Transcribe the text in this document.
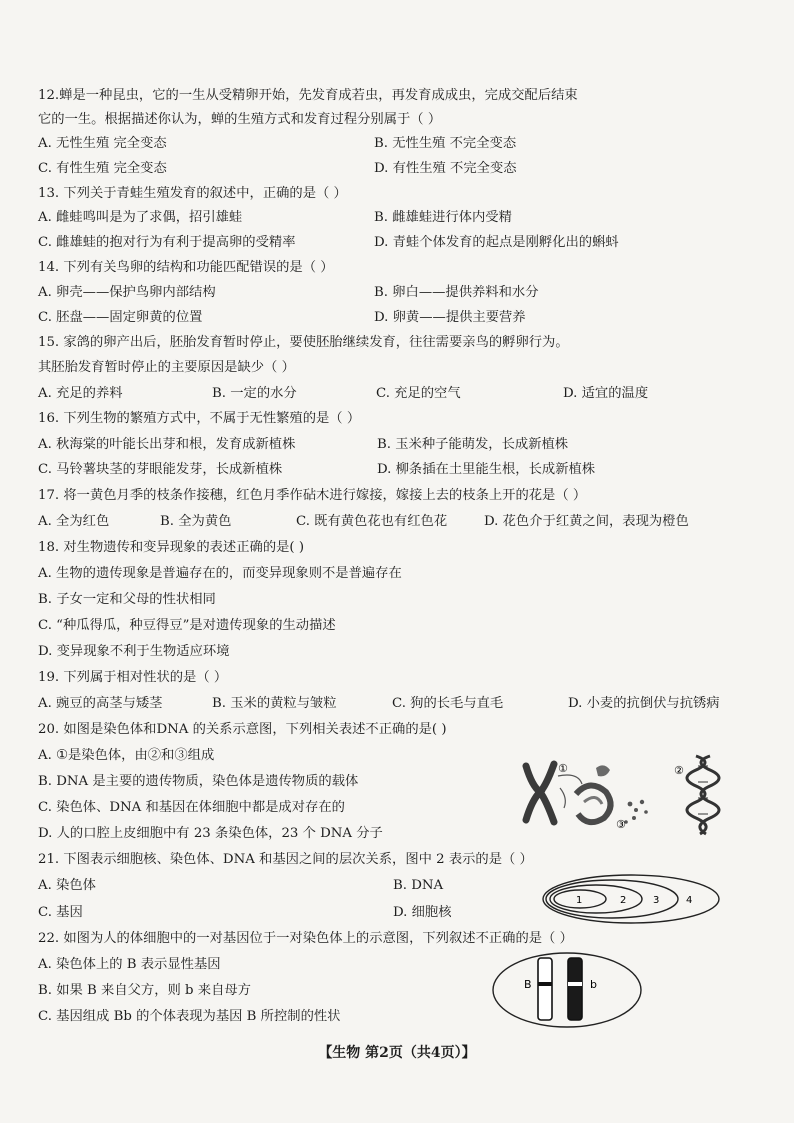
12.蝉是一种昆虫，它的一生从受精卵开始，先发育成若虫，再发育成成虫，完成交配后结束
它的一生。根据描述你认为，蝉的生殖方式和发育过程分别属于（ ）
A. 无性生殖 完全变态	B. 无性生殖 不完全变态
C. 有性生殖 完全变态	D. 有性生殖 不完全变态
13. 下列关于青蛙生殖发育的叙述中，正确的是（ ）
A. 雌蛙鸣叫是为了求偶，招引雄蛙	B. 雌雄蛙进行体内受精
C. 雌雄蛙的抱对行为有利于提高卵的受精率	D. 青蛙个体发育的起点是刚孵化出的蝌蚪
14. 下列有关鸟卵的结构和功能匹配错误的是（ ）
A. 卵壳——保护鸟卵内部结构	B. 卵白——提供养料和水分
C. 胚盘——固定卵黄的位置	D. 卵黄——提供主要营养
15. 家鸽的卵产出后，胚胎发育暂时停止，要使胚胎继续发育，往往需要亲鸟的孵卵行为。
其胚胎发育暂时停止的主要原因是缺少（ ）
A. 充足的养料	B. 一定的水分	C. 充足的空气	D. 适宜的温度
16. 下列生物的繁殖方式中，不属于无性繁殖的是（ ）
A. 秋海棠的叶能长出芽和根，发育成新植株	B. 玉米种子能萌发，长成新植株
C. 马铃薯块茎的芽眼能发芽，长成新植株	D. 柳条插在土里能生根，长成新植株
17. 将一黄色月季的枝条作接穗，红色月季作砧木进行嫁接，嫁接上去的枝条上开的花是（ ）
A. 全为红色	B. 全为黄色	C. 既有黄色花也有红色花	D. 花色介于红黄之间，表现为橙色
18. 对生物遗传和变异现象的表述正确的是( )
A. 生物的遗传现象是普遍存在的，而变异现象则不是普遍存在
B. 子女一定和父母的性状相同
C. “种瓜得瓜，种豆得豆”是对遗传现象的生动描述
D. 变异现象不利于生物适应环境
19. 下列属于相对性状的是（ ）
A. 豌豆的高茎与矮茎	B. 玉米的黄粒与皱粒	C. 狗的长毛与直毛	D. 小麦的抗倒伏与抗锈病
20. 如图是染色体和DNA 的关系示意图，下列相关表述不正确的是( )
A. ①是染色体，由②和③组成
B. DNA 是主要的遗传物质，染色体是遗传物质的载体
C. 染色体、DNA 和基因在体细胞中都是成对存在的
D. 人的口腔上皮细胞中有 23 条染色体，23 个 DNA 分子
①	②
③
21. 下图表示细胞核、染色体、DNA 和基因之间的层次关系，图中 2 表示的是（ ）
A. 染色体	B. DNA
C. 基因	D. 细胞核
1	2	3	4
22. 如图为人的体细胞中的一对基因位于一对染色体上的示意图，下列叙述不正确的是（ ）
A. 染色体上的 B 表示显性基因
B. 如果 B 来自父方，则 b 来自母方
C. 基因组成 Bb 的个体表现为基因 B 所控制的性状
B	b
【生物 第2页（共4页）】
